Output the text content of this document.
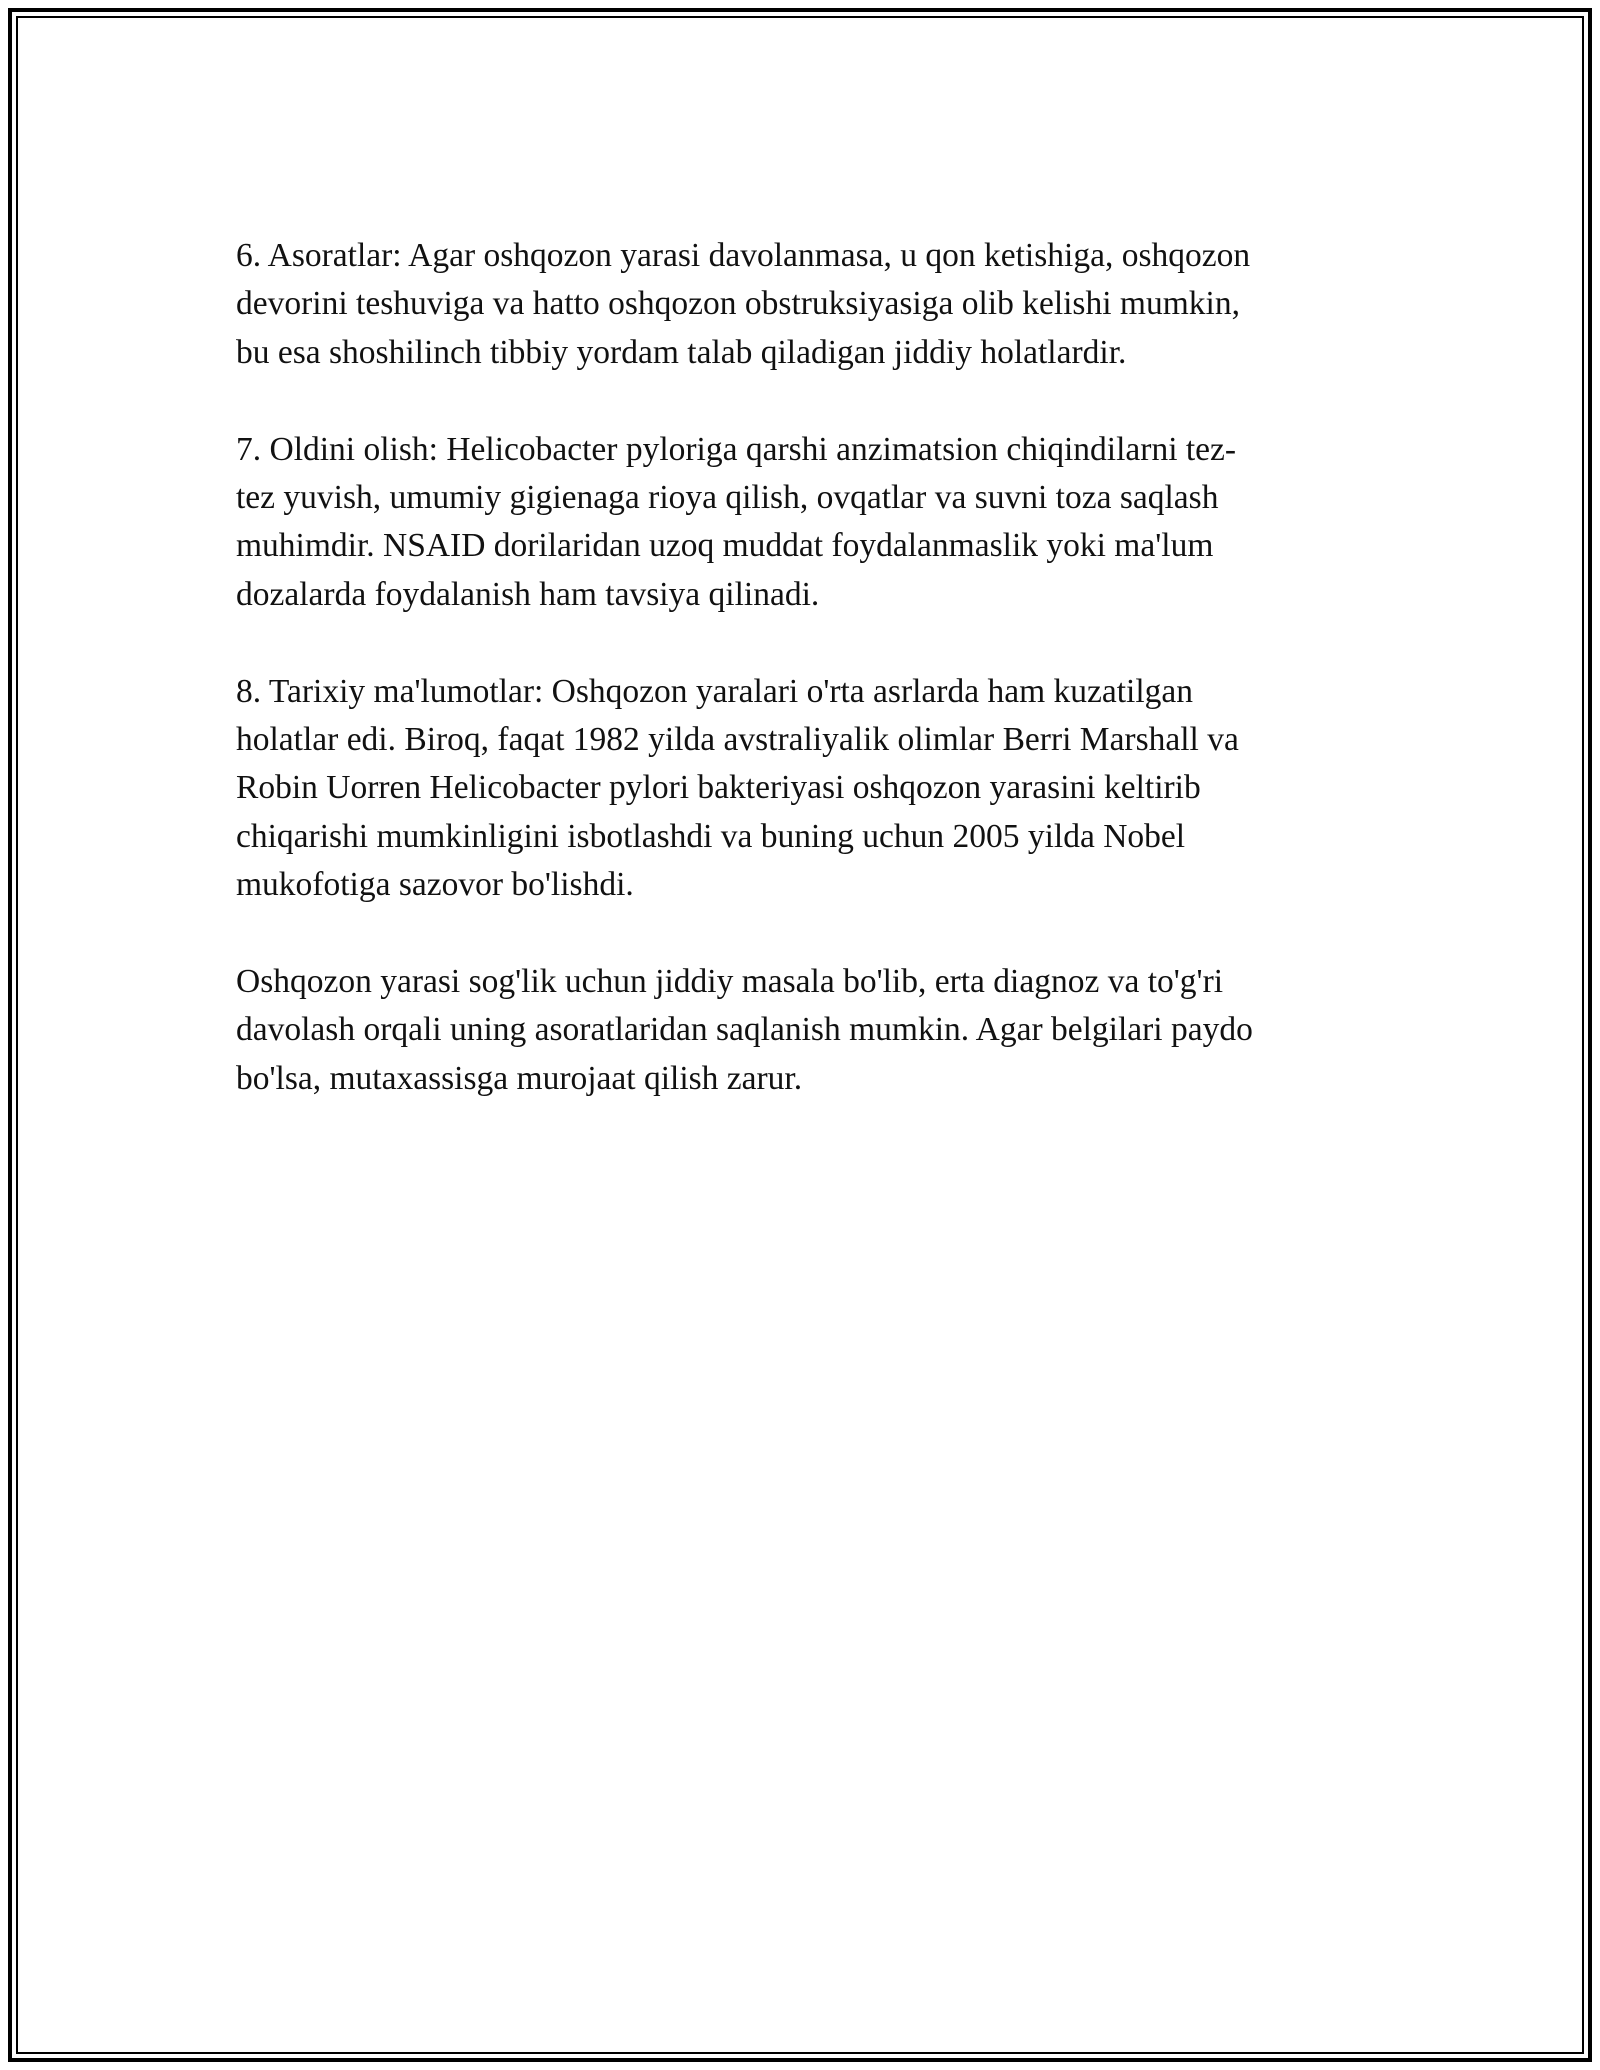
6. Asoratlar: Agar oshqozon yarasi davolanmasa, u qon ketishiga, oshqozon
devorini teshuviga va hatto oshqozon obstruksiyasiga olib kelishi mumkin,
bu esa shoshilinch tibbiy yordam talab qiladigan jiddiy holatlardir.

7. Oldini olish: Helicobacter pyloriga qarshi anzimatsion chiqindilarni tez-
tez yuvish, umumiy gigienaga rioya qilish, ovqatlar va suvni toza saqlash
muhimdir. NSAID dorilaridan uzoq muddat foydalanmaslik yoki ma'lum
dozalarda foydalanish ham tavsiya qilinadi.

8. Tarixiy ma'lumotlar: Oshqozon yaralari o'rta asrlarda ham kuzatilgan
holatlar edi. Biroq, faqat 1982 yilda avstraliyalik olimlar Berri Marshall va
Robin Uorren Helicobacter pylori bakteriyasi oshqozon yarasini keltirib
chiqarishi mumkinligini isbotlashdi va buning uchun 2005 yilda Nobel
mukofotiga sazovor bo'lishdi.

Oshqozon yarasi sog'lik uchun jiddiy masala bo'lib, erta diagnoz va to'g'ri
davolash orqali uning asoratlaridan saqlanish mumkin. Agar belgilari paydo
bo'lsa, mutaxassisga murojaat qilish zarur.
